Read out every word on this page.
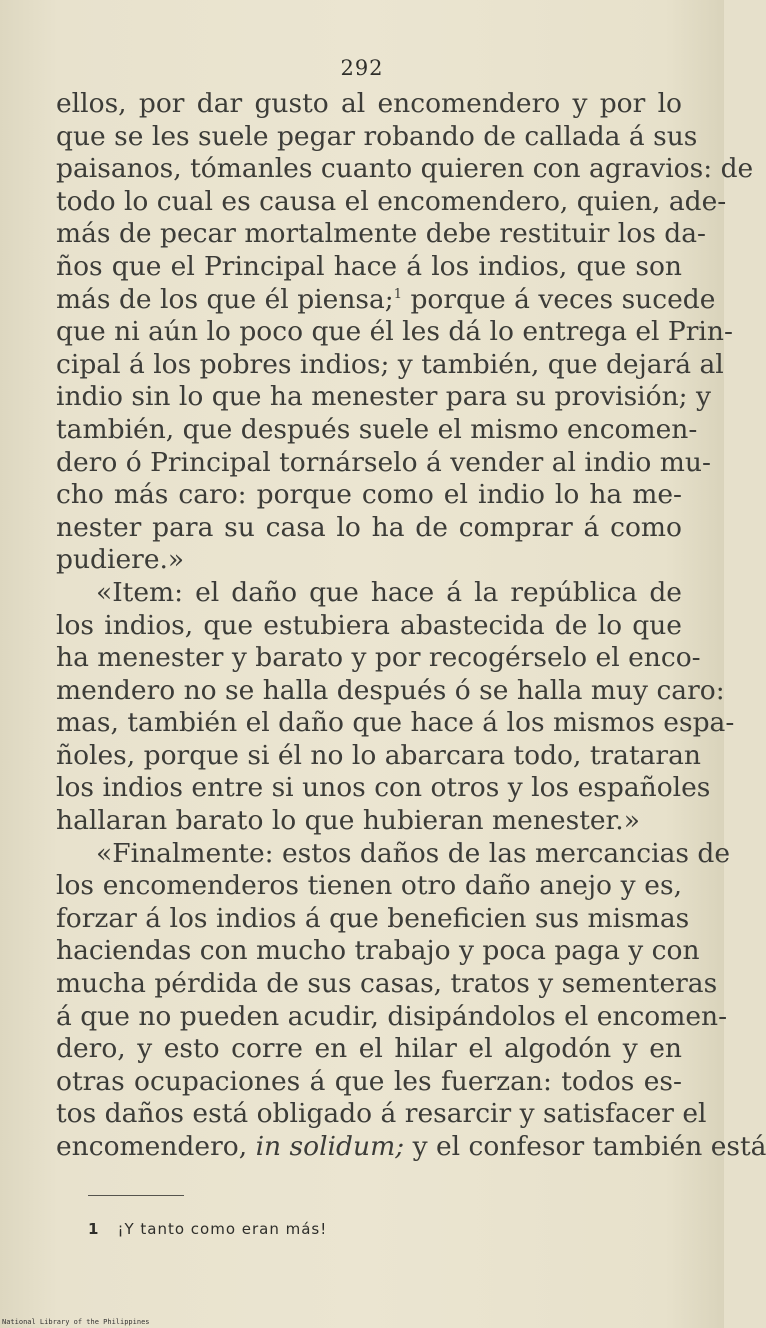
292
ellos, por dar gusto al encomendero y por lo
que se les suele pegar robando de callada á sus
paisanos, tómanles cuanto quieren con agravios: de
todo lo cual es causa el encomendero, quien, ade-
más de pecar mortalmente debe restituir los da-
ños que el Principal hace á los indios, que son
más de los que él piensa;$^1$ porque á veces sucede
que ni aún lo poco que él les dá lo entrega el Prin-
cipal á los pobres indios; y también, que dejará al
indio sin lo que ha menester para su provisión; y
también, que después suele el mismo encomen-
dero ó Principal tornárselo á vender al indio mu-
cho más caro: porque como el indio lo ha me-
nester para su casa lo ha de comprar á como
pudiere.»
«Item: el daño que hace á la república de
los indios, que estubiera abastecida de lo que
ha menester y barato y por recogérselo el enco-
mendero no se halla después ó se halla muy caro:
mas, también el daño que hace á los mismos espa-
ñoles, porque si él no lo abarcara todo, trataran
los indios entre si unos con otros y los españoles
hallaran barato lo que hubieran menester.»
«Finalmente: estos daños de las mercancias de
los encomenderos tienen otro daño anejo y es,
forzar á los indios á que beneficien sus mismas
haciendas con mucho trabajo y poca paga y con
mucha pérdida de sus casas, tratos y sementeras
á que no pueden acudir, disipándolos el encomen-
dero, y esto corre en el hilar el algodón y en
otras ocupaciones á que les fuerzan: todos es-
tos daños está obligado á resarcir y satisfacer el
encomendero, in solidum; y el confesor también está
1 ¡Y tanto como eran más!
National Library of the Philippines
